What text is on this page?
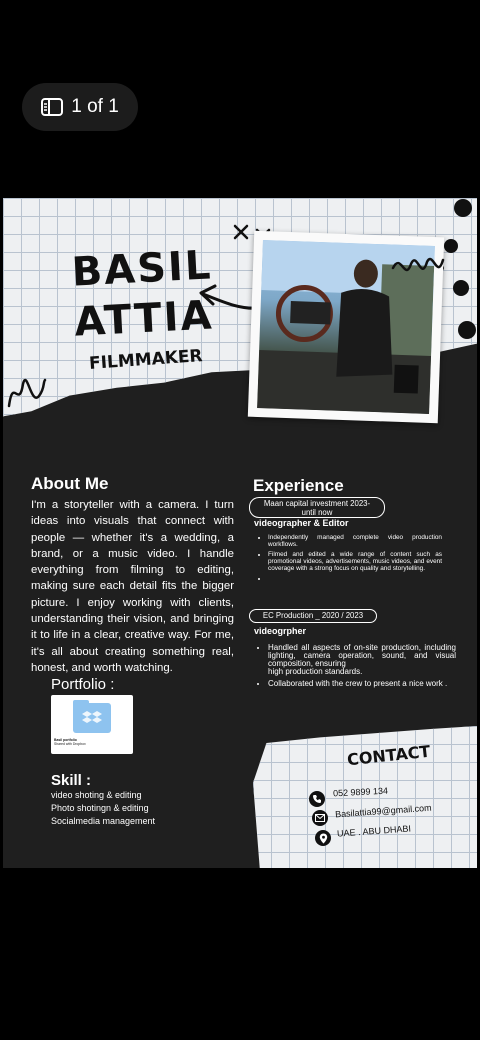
1 of 1
BASIL
ATTIA
FILMMAKER
About Me
I'm a storyteller with a camera. I turn ideas into visuals that connect with people — whether it's a wedding, a brand, or a music video. I handle everything from filming to editing, making sure each detail fits the bigger picture. I enjoy working with clients, understanding their vision, and bringing it to life in a clear, creative way. For me, it's all about creating something real, honest, and worth watching.
Experience
Maan capital investment 2023-
until now
videographer & Editor
• Independently managed complete video production workflows.
• Filmed and edited a wide range of content such as promotional videos, advertisements, music videos, and event coverage with a strong focus on quality and storytelling.
•
EC Production _ 2020 / 2023
videogrpher
• Handled all aspects of on-site production, including lighting, camera operation, sound, and visual composition, ensuring
high production standards.
• Collaborated with the crew to present a nice work .
Portfolio :
Basil portfolio
Shared with Dropbox
Skill :
video shoting & editing
Photo shotingn & editing
Socialmedia management
CONTACT
052 9899 134
Basilattia99@gmail.com
UAE . ABU DHABI
